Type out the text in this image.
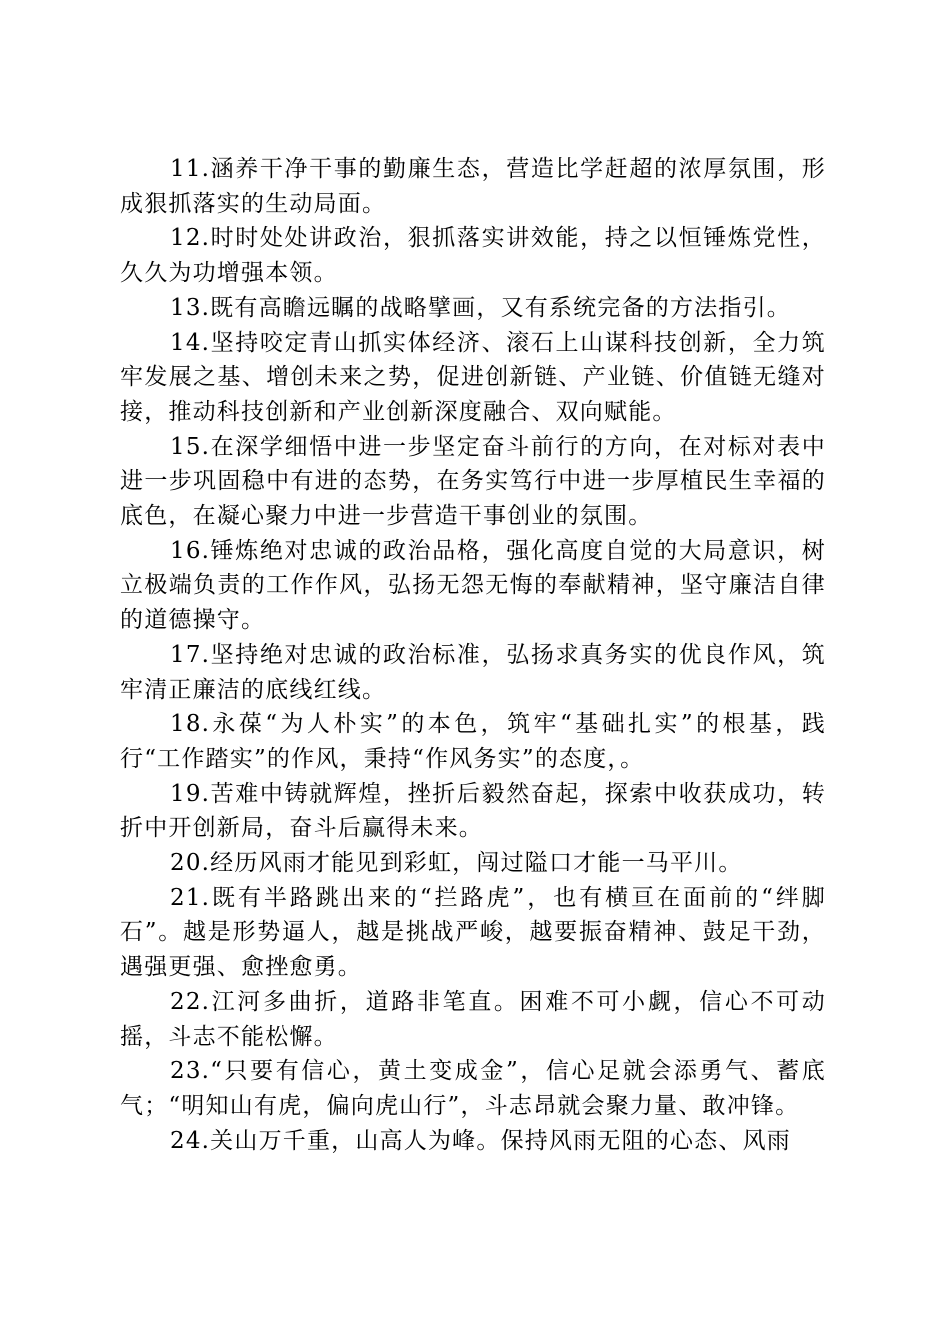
11.涵养干净干事的勤廉生态，营造比学赶超的浓厚氛围，形成狠抓落实的生动局面。

12.时时处处讲政治，狠抓落实讲效能，持之以恒锤炼党性，久久为功增强本领。

13.既有高瞻远瞩的战略擘画，又有系统完备的方法指引。

14.坚持咬定青山抓实体经济、滚石上山谋科技创新，全力筑牢发展之基、增创未来之势，促进创新链、产业链、价值链无缝对接，推动科技创新和产业创新深度融合、双向赋能。

15.在深学细悟中进一步坚定奋斗前行的方向，在对标对表中进一步巩固稳中有进的态势，在务实笃行中进一步厚植民生幸福的底色，在凝心聚力中进一步营造干事创业的氛围。

16.锤炼绝对忠诚的政治品格，强化高度自觉的大局意识，树立极端负责的工作作风，弘扬无怨无悔的奉献精神，坚守廉洁自律的道德操守。

17.坚持绝对忠诚的政治标准，弘扬求真务实的优良作风，筑牢清正廉洁的底线红线。

18.永葆“为人朴实”的本色，筑牢“基础扎实”的根基，践行“工作踏实”的作风，秉持“作风务实”的态度，。

19.苦难中铸就辉煌，挫折后毅然奋起，探索中收获成功，转折中开创新局，奋斗后赢得未来。

20.经历风雨才能见到彩虹，闯过隘口才能一马平川。

21.既有半路跳出来的“拦路虎”，也有横亘在面前的“绊脚石”。越是形势逼人，越是挑战严峻，越要振奋精神、鼓足干劲，遇强更强、愈挫愈勇。

22.江河多曲折，道路非笔直。困难不可小觑，信心不可动摇，斗志不能松懈。

23.“只要有信心，黄土变成金”，信心足就会添勇气、蓄底气；“明知山有虎，偏向虎山行”，斗志昂就会聚力量、敢冲锋。

24.关山万千重，山高人为峰。保持风雨无阻的心态、风雨
